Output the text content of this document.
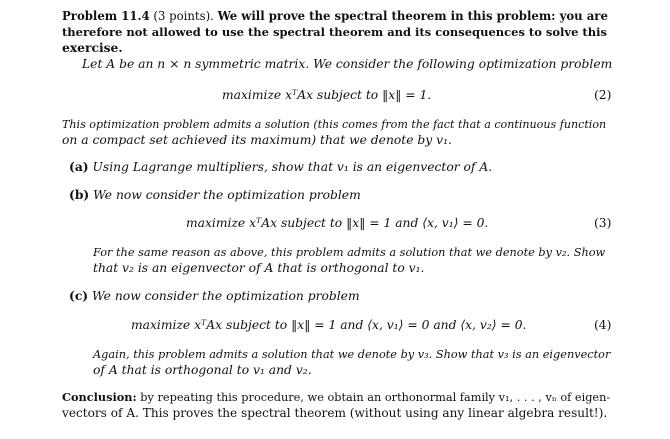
Problem 11.4 (3 points). We will prove the spectral theorem in this problem: you are
therefore not allowed to use the spectral theorem and its consequences to solve this
exercise.
Let A be an n × n symmetric matrix. We consider the following optimization problem
maximize xᵀAx subject to ‖x‖ = 1.	(2)
This optimization problem admits a solution (this comes from the fact that a continuous function
on a compact set achieved its maximum) that we denote by v₁.
(a) Using Lagrange multipliers, show that v₁ is an eigenvector of A.
(b) We now consider the optimization problem
maximize xᵀAx subject to ‖x‖ = 1 and ⟨x, v₁⟩ = 0.	(3)
For the same reason as above, this problem admits a solution that we denote by v₂. Show
that v₂ is an eigenvector of A that is orthogonal to v₁.
(c) We now consider the optimization problem
maximize xᵀAx subject to ‖x‖ = 1 and ⟨x, v₁⟩ = 0 and ⟨x, v₂⟩ = 0.	(4)
Again, this problem admits a solution that we denote by v₃. Show that v₃ is an eigenvector
of A that is orthogonal to v₁ and v₂.
Conclusion: by repeating this procedure, we obtain an orthonormal family v₁, . . . , vₙ of eigen-
vectors of A. This proves the spectral theorem (without using any linear algebra result!).
